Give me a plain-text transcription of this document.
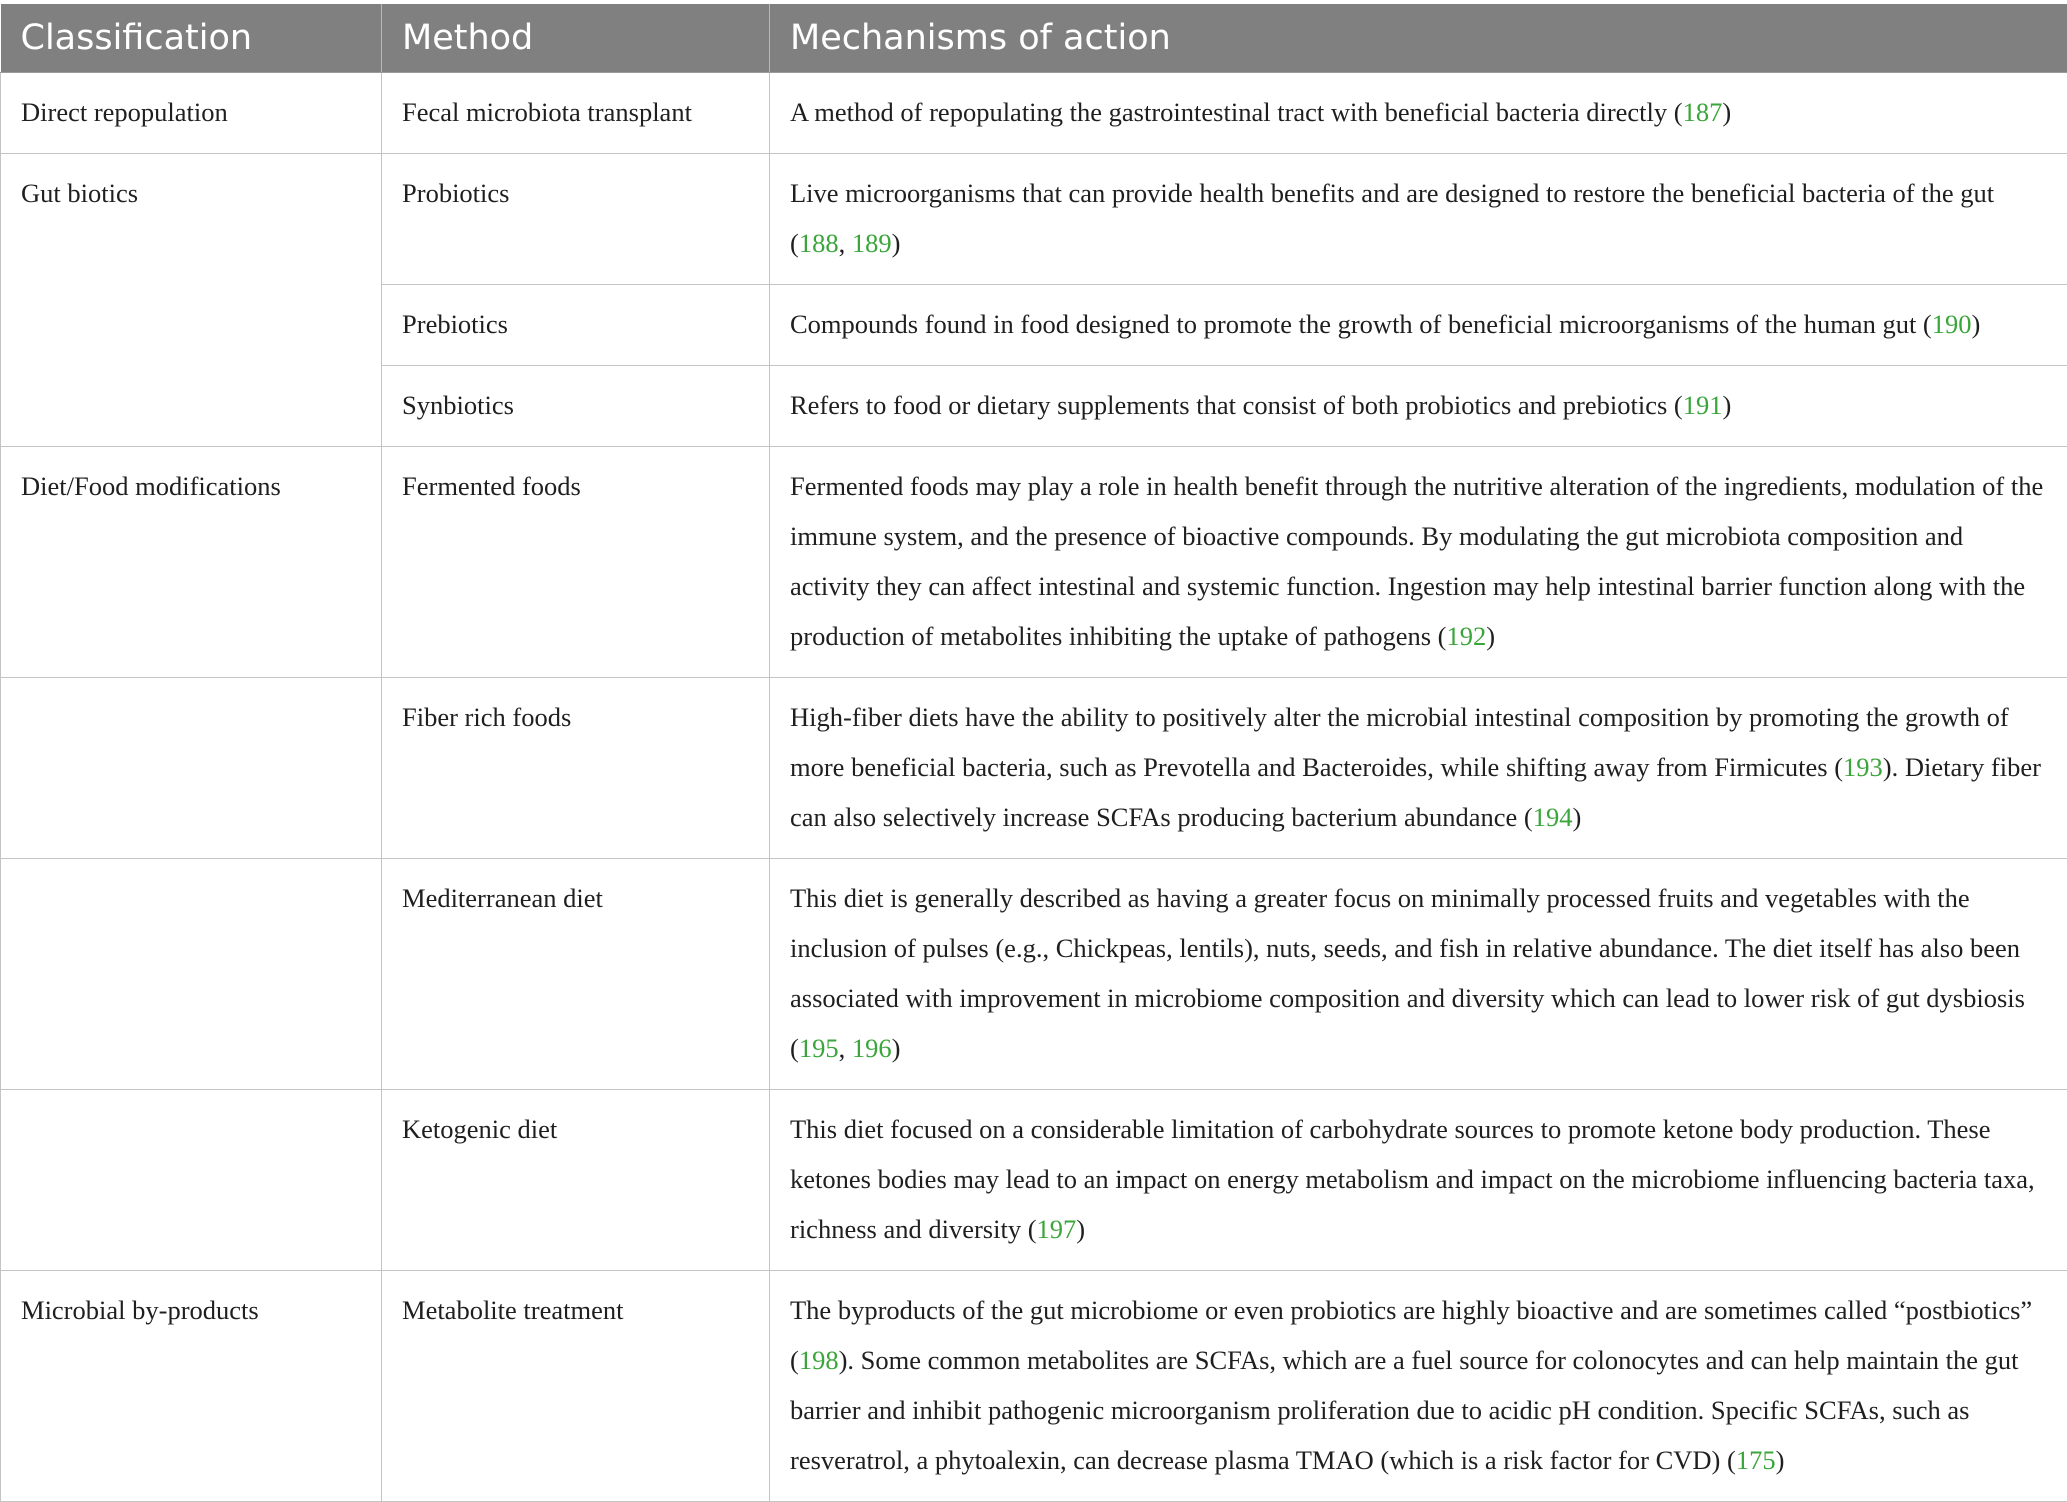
Classification	Method	Mechanisms of action
Direct repopulation	Fecal microbiota transplant	A method of repopulating the gastrointestinal tract with beneficial bacteria directly (187)
Gut biotics	Probiotics	Live microorganisms that can provide health benefits and are designed to restore the beneficial bacteria of the gut (188, 189)
	Prebiotics	Compounds found in food designed to promote the growth of beneficial microorganisms of the human gut (190)
	Synbiotics	Refers to food or dietary supplements that consist of both probiotics and prebiotics (191)
Diet/Food modifications	Fermented foods	Fermented foods may play a role in health benefit through the nutritive alteration of the ingredients, modulation of the immune system, and the presence of bioactive compounds. By modulating the gut microbiota composition and activity they can affect intestinal and systemic function. Ingestion may help intestinal barrier function along with the production of metabolites inhibiting the uptake of pathogens (192)
	Fiber rich foods	High-fiber diets have the ability to positively alter the microbial intestinal composition by promoting the growth of more beneficial bacteria, such as Prevotella and Bacteroides, while shifting away from Firmicutes (193). Dietary fiber can also selectively increase SCFAs producing bacterium abundance (194)
	Mediterranean diet	This diet is generally described as having a greater focus on minimally processed fruits and vegetables with the inclusion of pulses (e.g., Chickpeas, lentils), nuts, seeds, and fish in relative abundance. The diet itself has also been associated with improvement in microbiome composition and diversity which can lead to lower risk of gut dysbiosis (195, 196)
	Ketogenic diet	This diet focused on a considerable limitation of carbohydrate sources to promote ketone body production. These ketones bodies may lead to an impact on energy metabolism and impact on the microbiome influencing bacteria taxa, richness and diversity (197)
Microbial by-products	Metabolite treatment	The byproducts of the gut microbiome or even probiotics are highly bioactive and are sometimes called “postbiotics” (198). Some common metabolites are SCFAs, which are a fuel source for colonocytes and can help maintain the gut barrier and inhibit pathogenic microorganism proliferation due to acidic pH condition. Specific SCFAs, such as resveratrol, a phytoalexin, can decrease plasma TMAO (which is a risk factor for CVD) (175)
